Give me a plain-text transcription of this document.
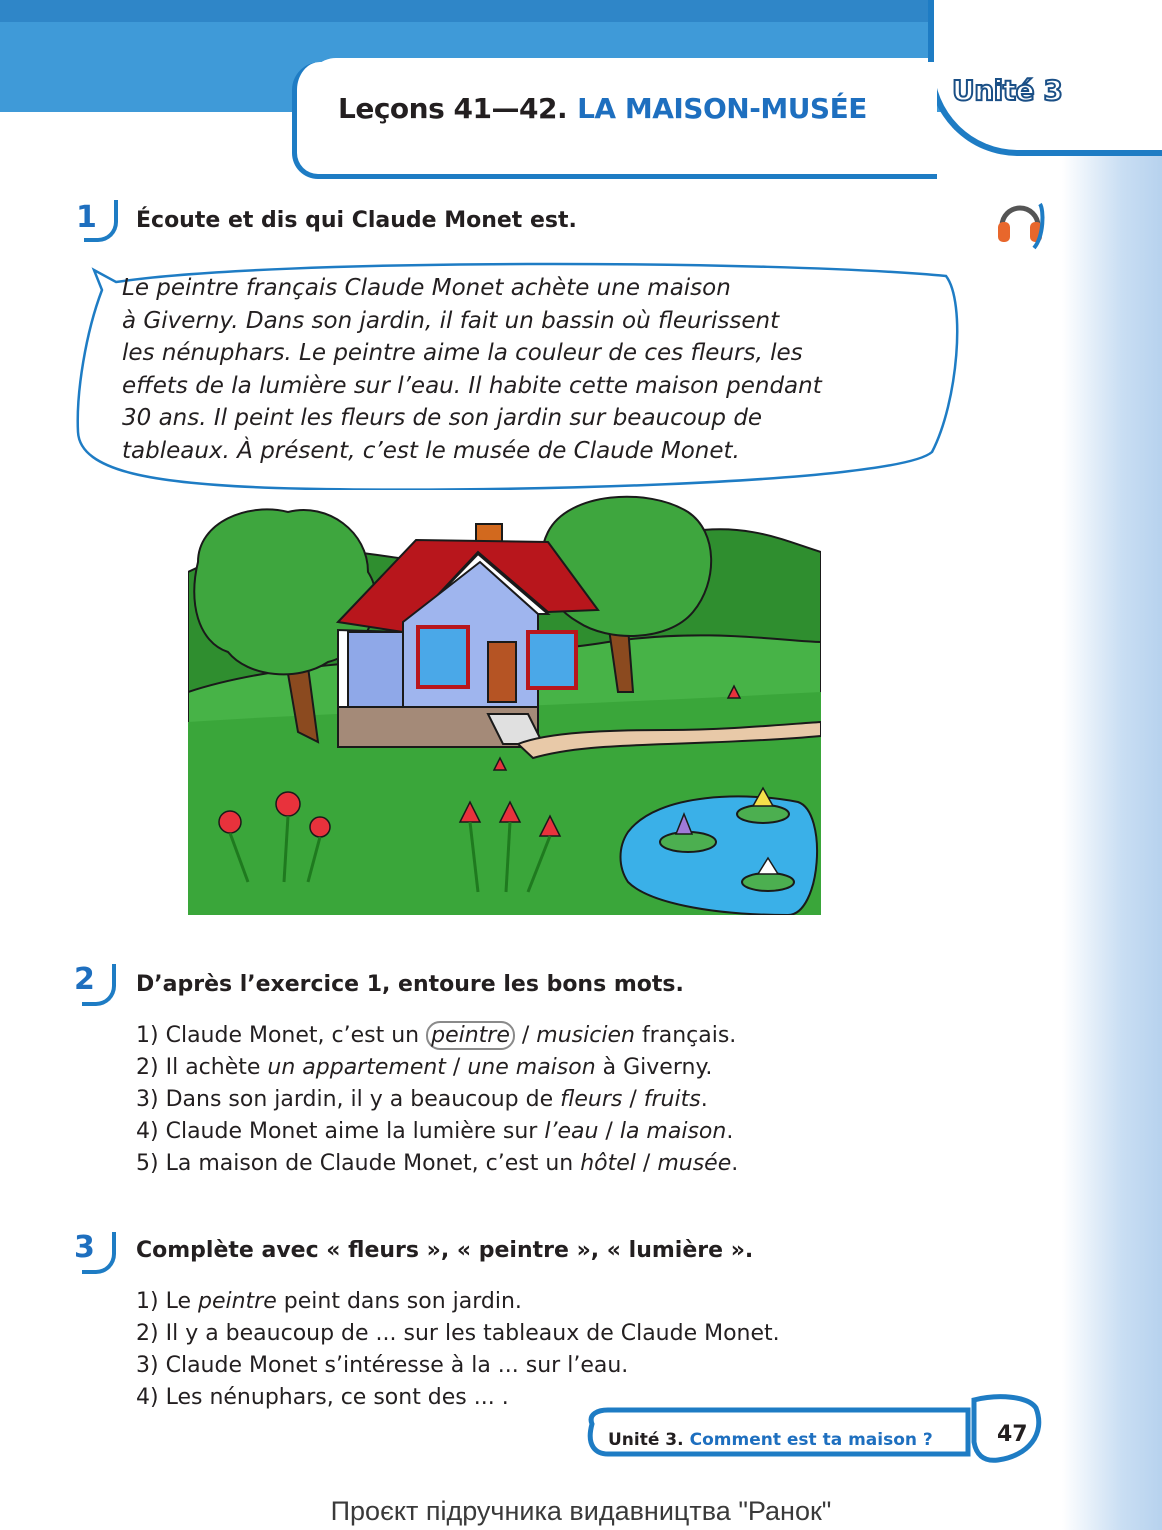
Unité 3
Leçons 41—42. LA MAISON-MUSÉE
1 Écoute et dis qui Claude Monet est.
Le peintre français Claude Monet achète une maison
à Giverny. Dans son jardin, il fait un bassin où fleurissent
les nénuphars. Le peintre aime la couleur de ces fleurs, les
effets de la lumière sur l’eau. Il habite cette maison pendant
30 ans. Il peint les fleurs de son jardin sur beaucoup de
tableaux. À présent, c’est le musée de Claude Monet.
2 D’après l’exercice 1, entoure les bons mots.
1) Claude Monet, c’est un peintre / musicien français.
2) Il achète un appartement / une maison à Giverny.
3) Dans son jardin, il y a beaucoup de fleurs / fruits.
4) Claude Monet aime la lumière sur l’eau / la maison.
5) La maison de Claude Monet, c’est un hôtel / musée.
3 Complète avec « fleurs », « peintre », « lumière ».
1) Le peintre peint dans son jardin.
2) Il y a beaucoup de ... sur les tableaux de Claude Monet.
3) Claude Monet s’intéresse à la ... sur l’eau.
4) Les nénuphars, ce sont des ... .
Unité 3. Comment est ta maison ?	47
Проєкт підручника видавництва "Ранок"
